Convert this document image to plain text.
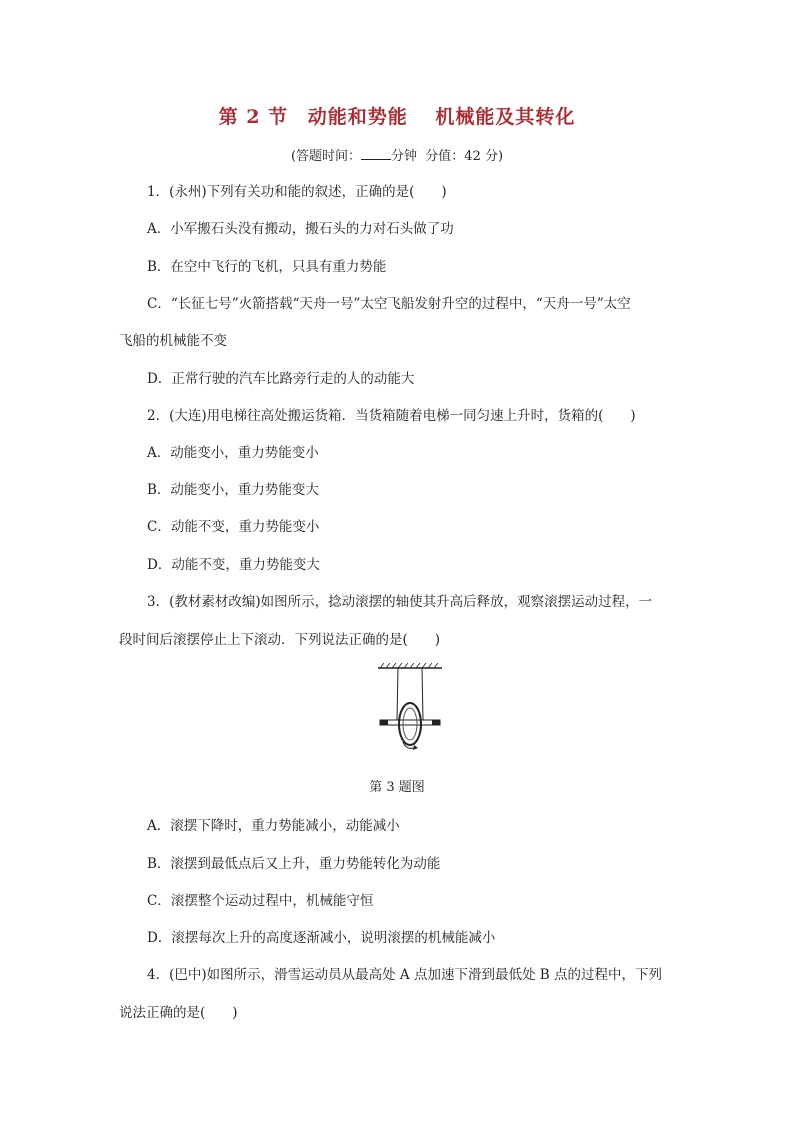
第 2 节 动能和势能 机械能及其转化
(答题时间： 分钟 分值：42 分)
1．(永州)下列有关功和能的叙述，正确的是(　　)
A．小军搬石头没有搬动，搬石头的力对石头做了功
B．在空中飞行的飞机，只具有重力势能
C．“长征七号”火箭搭载“天舟一号”太空飞船发射升空的过程中，“天舟一号”太空
飞船的机械能不变
D．正常行驶的汽车比路旁行走的人的动能大
2．(大连)用电梯往高处搬运货箱．当货箱随着电梯一同匀速上升时，货箱的(　　)
A．动能变小，重力势能变小
B．动能变小，重力势能变大
C．动能不变，重力势能变小
D．动能不变，重力势能变大
3．(教材素材改编)如图所示，捻动滚摆的轴使其升高后释放，观察滚摆运动过程，一
段时间后滚摆停止上下滚动．下列说法正确的是(　　)
第 3 题图
A．滚摆下降时，重力势能减小，动能减小
B．滚摆到最低点后又上升，重力势能转化为动能
C．滚摆整个运动过程中，机械能守恒
D．滚摆每次上升的高度逐渐减小，说明滚摆的机械能减小
4．(巴中)如图所示，滑雪运动员从最高处 A 点加速下滑到最低处 B 点的过程中，下列
说法正确的是(　　)
